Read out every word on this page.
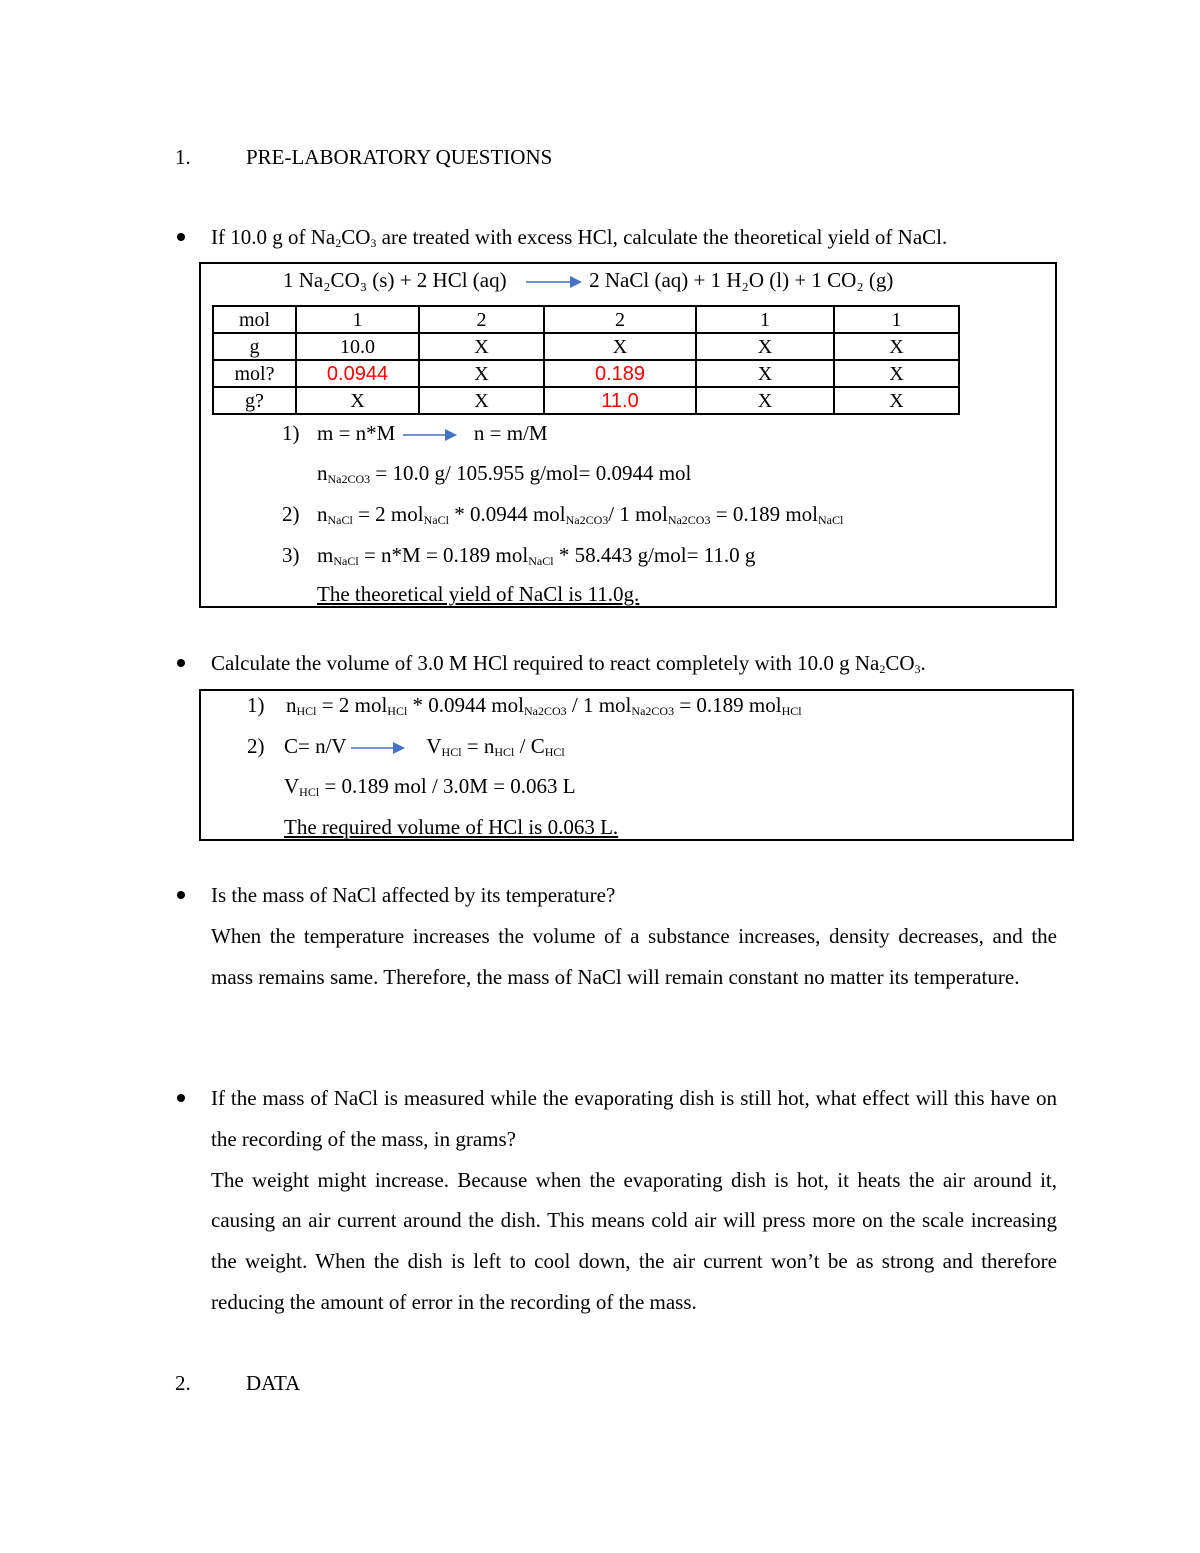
1.	PRE-LABORATORY QUESTIONS
If 10.0 g of $Na_2CO_3$ are treated with excess HCl, calculate the theoretical yield of NaCl.
1 Na₂CO₃ (s) + 2 HCl (aq) → 2 NaCl (aq) + 1 H₂O (l) + 1 CO₂ (g)
mol	1	2	2	1	1
g	10.0	X	X	X	X
mol?	0.0944	X	0.189	X	X
g?	X	X	11.0	X	X
1) m = n*M	n = m/M
$n_{Na2CO3} = 10.0$ g/ 105.955 g/mol= 0.0944 mol
2) $n_{NaCl} = 2$ mol$_{NaCl}$ * 0.0944 mol$_{Na2CO3}$/ 1 mol$_{Na2CO3}$ = 0.189 mol$_{NaCl}$
3) $m_{NaCl} = n*M = 0.189$ mol$_{NaCl}$ * 58.443 g/mol= 11.0 g
The theoretical yield of NaCl is 11.0g.
Calculate the volume of 3.0 M HCl required to react completely with 10.0 g $Na_2CO_3$.
1) $n_{HCl} = 2$ mol$_{HCl}$ * 0.0944 mol$_{Na2CO3}$ / 1 mol$_{Na2CO3}$ = 0.189 mol$_{HCl}$
2) C= n/V	$V_{HCl} = n_{HCl} / C_{HCl}$
$V_{HCl} = 0.189$ mol / 3.0M = 0.063 L
The required volume of HCl is 0.063 L.
Is the mass of NaCl affected by its temperature?
When the temperature increases the volume of a substance increases, density decreases, and the mass remains same. Therefore, the mass of NaCl will remain constant no matter its temperature.
If the mass of NaCl is measured while the evaporating dish is still hot, what effect will this have on the recording of the mass, in grams?
The weight might increase. Because when the evaporating dish is hot, it heats the air around it, causing an air current around the dish. This means cold air will press more on the scale increasing the weight. When the dish is left to cool down, the air current won’t be as strong and therefore reducing the amount of error in the recording of the mass.
2.	DATA
